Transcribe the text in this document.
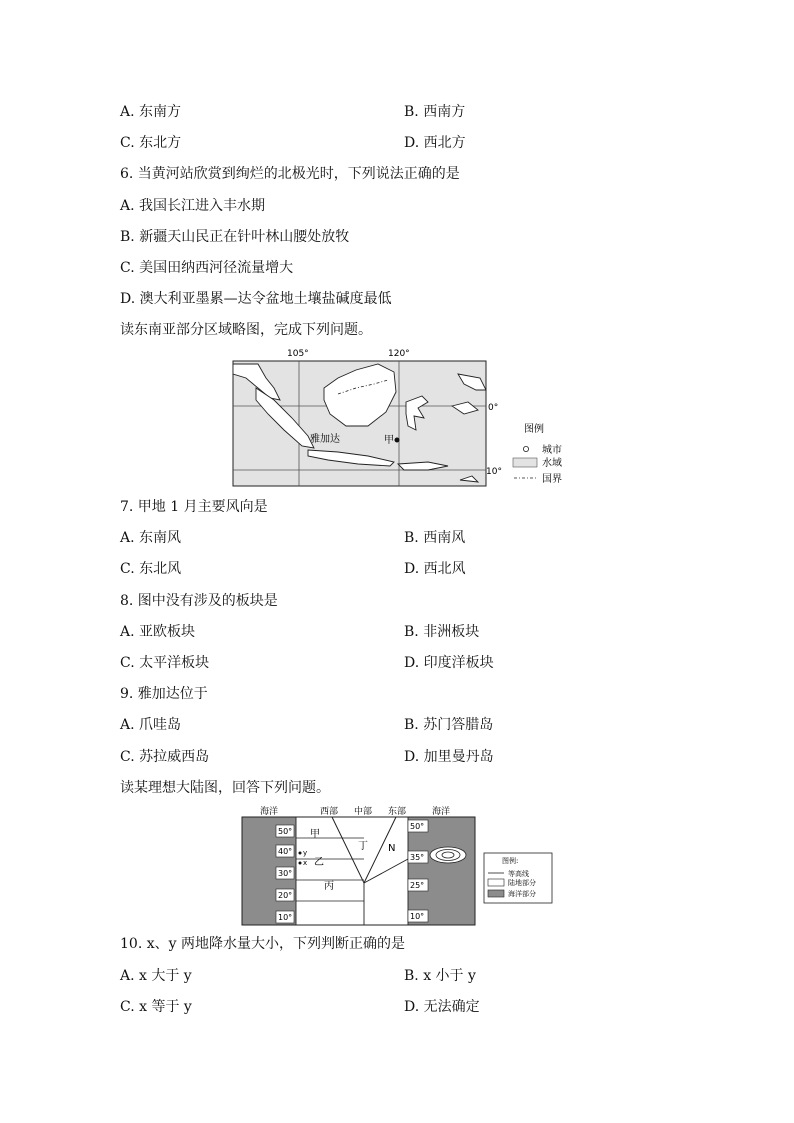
A. 东南方	B. 西南方
C. 东北方	D. 西北方
6. 当黄河站欣赏到绚烂的北极光时，下列说法正确的是
A. 我国长江进入丰水期
B. 新疆天山民正在针叶林山腰处放牧
C. 美国田纳西河径流量增大
D. 澳大利亚墨累—达令盆地土壤盐碱度最低
读东南亚部分区域略图，完成下列问题。
105°	120°
0°
10°
雅加达	甲
图例
城市
水域
国界
7. 甲地 1 月主要风向是
A. 东南风	B. 西南风
C. 东北风	D. 西北风
8. 图中没有涉及的板块是
A. 亚欧板块	B. 非洲板块
C. 太平洋板块	D. 印度洋板块
9. 雅加达位于
A. 爪哇岛	B. 苏门答腊岛
C. 苏拉威西岛	D. 加里曼丹岛
读某理想大陆图，回答下列问题。
海洋	西部 中部 东部	海洋
50°
40°
30°
20°
10°
50°
35°
25°
10°
甲
乙
丙
丁 N
y
x	图例:
等高线
陆地部分
海洋部分
10. x、y 两地降水量大小，下列判断正确的是
A. x 大于 y	B. x 小于 y
C. x 等于 y	D. 无法确定
